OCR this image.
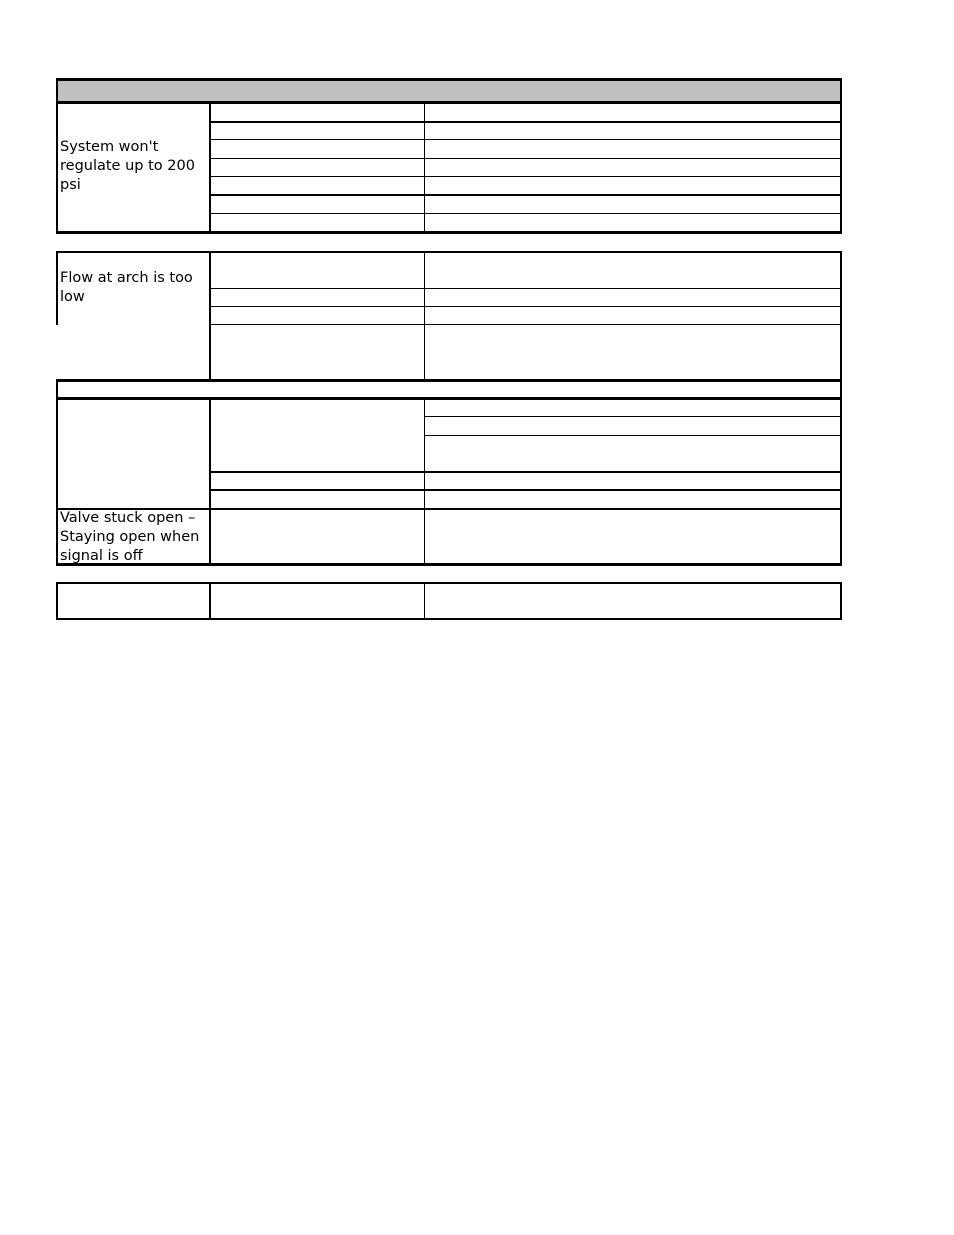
System won't
regulate up to 200
psi
Flow at arch is too
low
Valve stuck open –
Staying open when
signal is off
